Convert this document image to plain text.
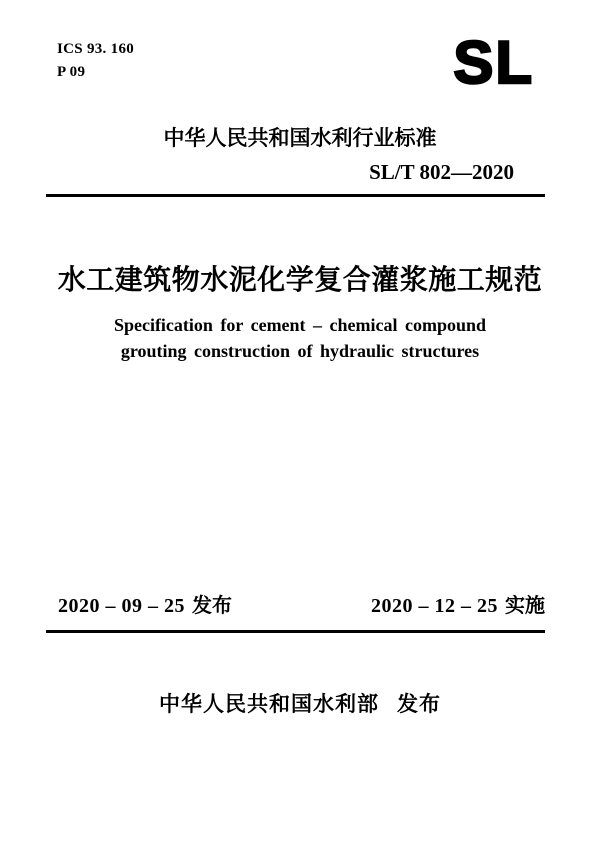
ICS 93. 160
P 09	SL
中华人民共和国水利行业标准
SL/T 802—2020
水工建筑物水泥化学复合灌浆施工规范
Specification for cement – chemical compound
grouting construction of hydraulic structures
2020 – 09 – 25 发布	2020 – 12 – 25 实施
中华人民共和国水利部 发布
